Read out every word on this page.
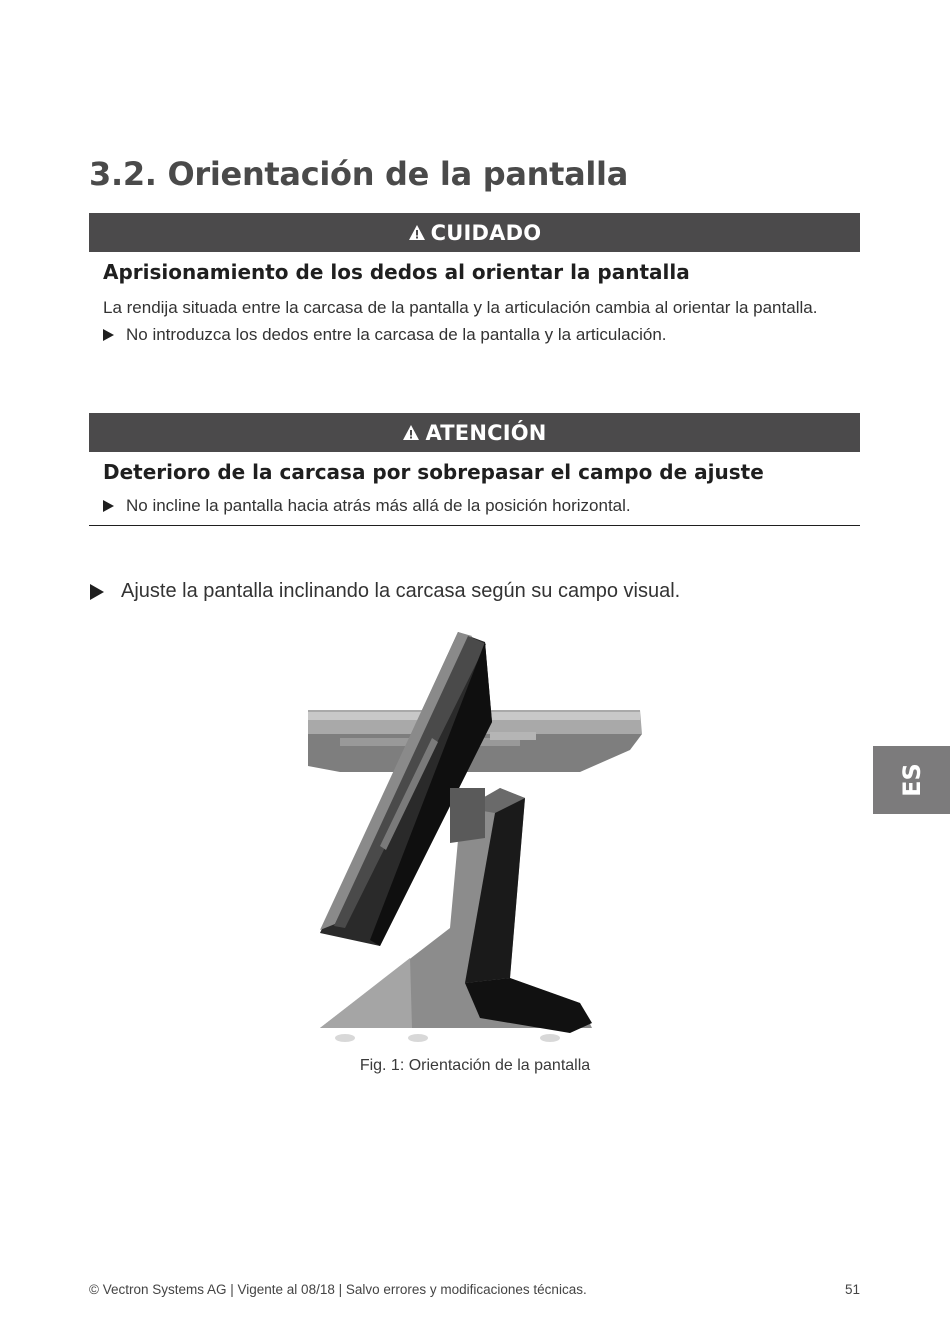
3.2. Orientación de la pantalla
CUIDADO
Aprisionamiento de los dedos al orientar la pantalla

La rendija situada entre la carcasa de la pantalla y la articulación cambia al orientar la pantalla.

No introduzca los dedos entre la carcasa de la pantalla y la articulación.
ATENCIÓN
Deterioro de la carcasa por sobrepasar el campo de ajuste
No incline la pantalla hacia atrás más allá de la posición horizontal.
Ajuste la pantalla inclinando la carcasa según su campo visual.
Fig. 1: Orientación de la pantalla
ES
© Vectron Systems AG | Vigente al 08/18 | Salvo errores y modificaciones técnicas.	51
